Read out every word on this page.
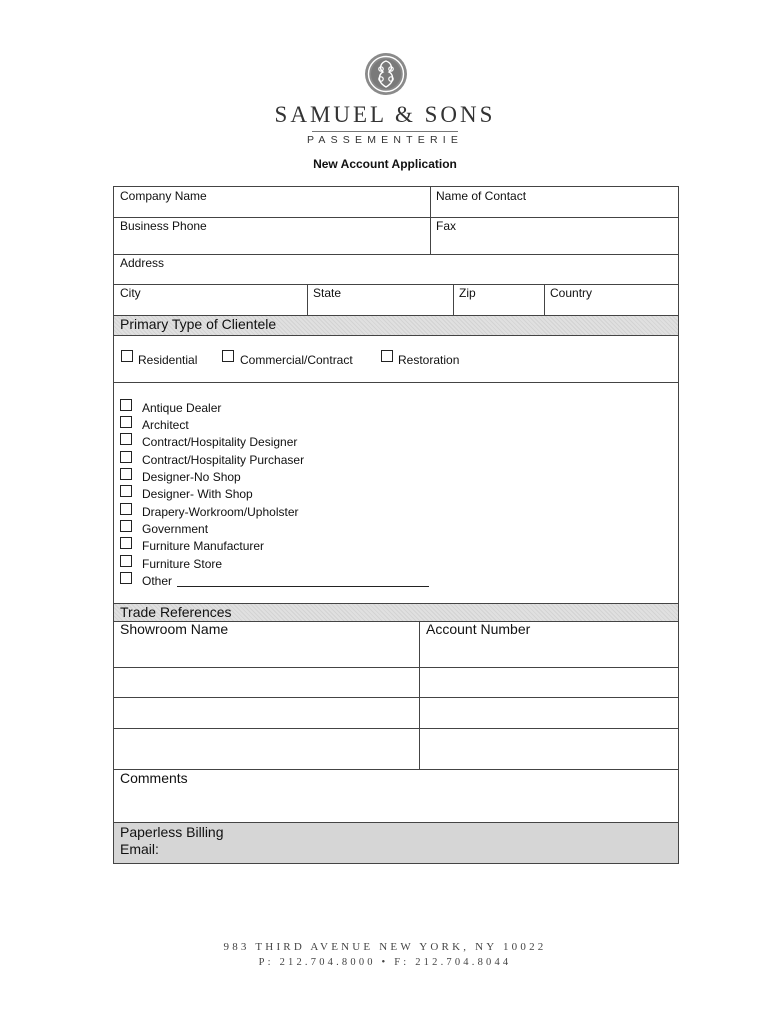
SAMUEL & SONS
PASSEMENTERIE
New Account Application
Company Name	Name of Contact
Business Phone	Fax
Address
City	State	Zip	Country
Primary Type of Clientele
Residential	Commercial/Contract	Restoration
Antique Dealer
Architect
Contract/Hospitality Designer
Contract/Hospitality Purchaser
Designer-No Shop
Designer- With Shop
Drapery-Workroom/Upholster
Government
Furniture Manufacturer
Furniture Store
Other
Trade References
Showroom Name	Account Number
Comments
Paperless Billing
Email:
983 THIRD AVENUE NEW YORK, NY 10022
P: 212.704.8000 • F: 212.704.8044
